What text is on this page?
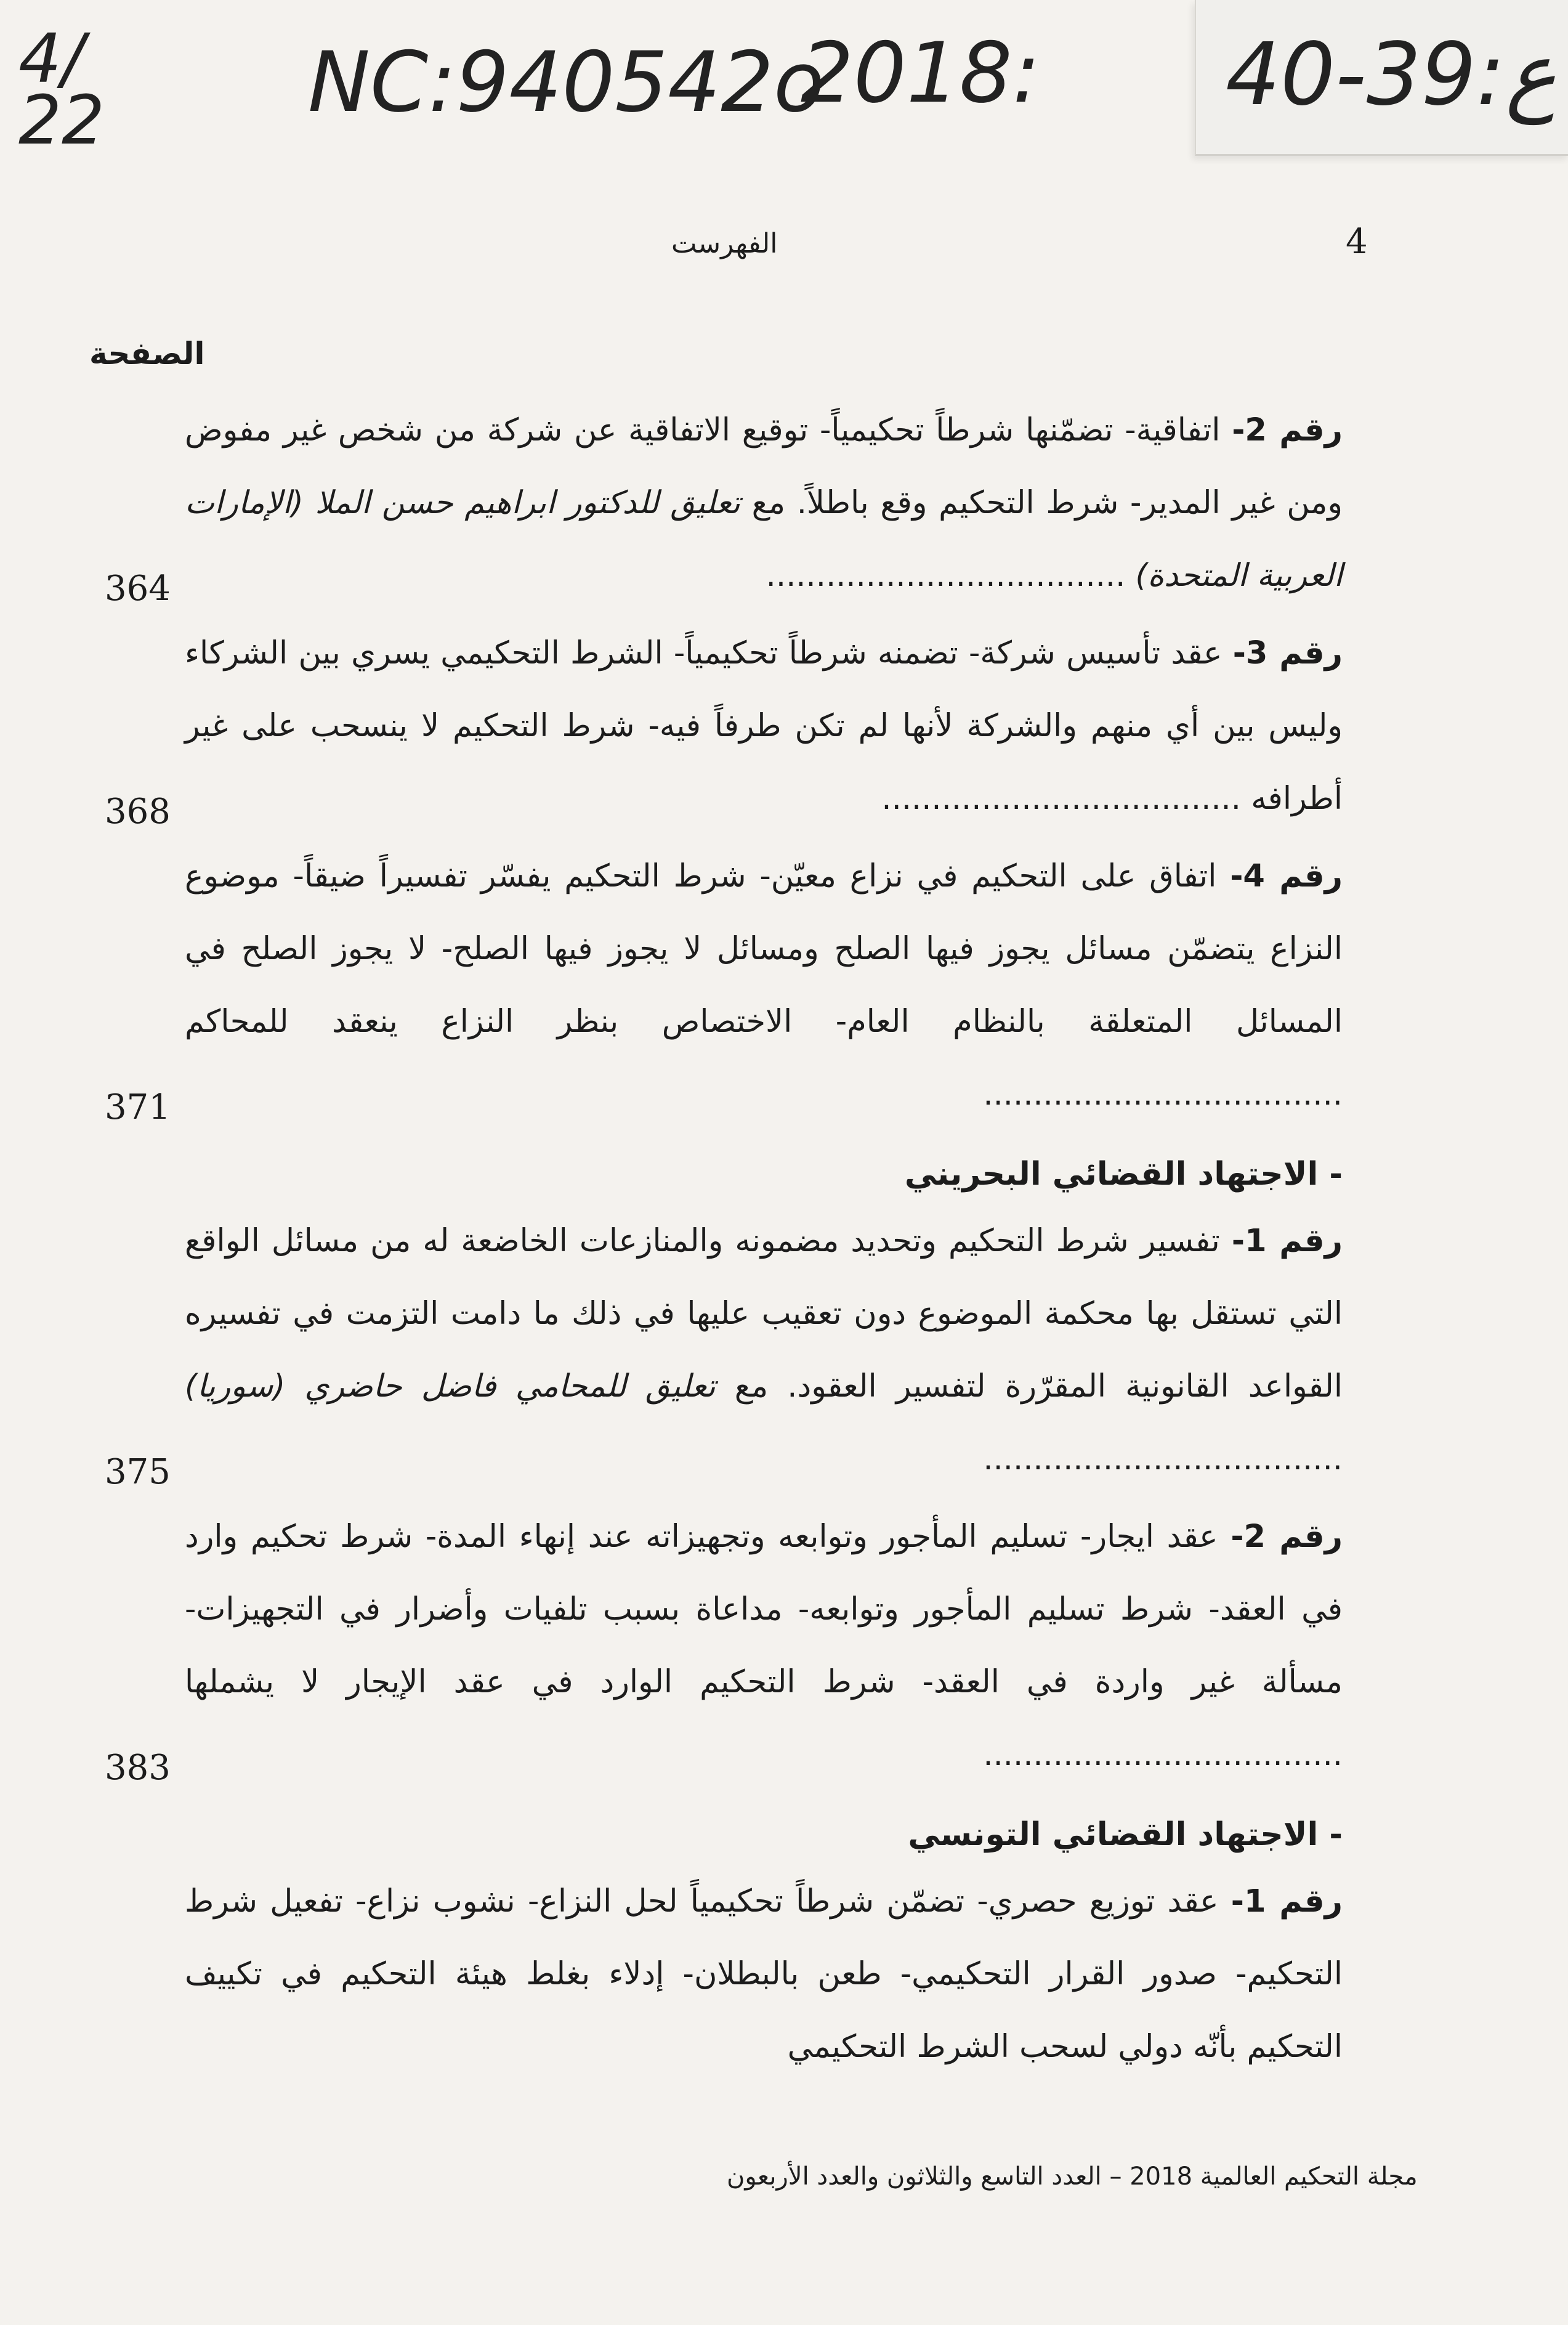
4/
22 NC:940542o
2018: 40-39:ع
4
الفهرست
الصفحة
رقم 2- اتفاقية- تضمّنها شرطاً تحكيمياً- توقيع الاتفاقية عن شركة من شخص غير مفوض ومن غير المدير- شرط التحكيم وقع باطلاً. مع تعليق للدكتور ابراهيم حسن الملا (الإمارات العربية المتحدة) ....................................
364
رقم 3- عقد تأسيس شركة- تضمنه شرطاً تحكيمياً- الشرط التحكيمي يسري بين الشركاء وليس بين أي منهم والشركة لأنها لم تكن طرفاً فيه- شرط التحكيم لا ينسحب على غير أطرافه ....................................
368
رقم 4- اتفاق على التحكيم في نزاع معيّن- شرط التحكيم يفسّر تفسيراً ضيقاً- موضوع النزاع يتضمّن مسائل يجوز فيها الصلح ومسائل لا يجوز فيها الصلح- لا يجوز الصلح في المسائل المتعلقة بالنظام العام- الاختصاص بنظر النزاع ينعقد للمحاكم ....................................
371
- الاجتهاد القضائي البحريني
رقم 1- تفسير شرط التحكيم وتحديد مضمونه والمنازعات الخاضعة له من مسائل الواقع التي تستقل بها محكمة الموضوع دون تعقيب عليها في ذلك ما دامت التزمت في تفسيره القواعد القانونية المقرّرة لتفسير العقود. مع تعليق للمحامي فاضل حاضري (سوريا) ....................................
375
رقم 2- عقد ايجار- تسليم المأجور وتوابعه وتجهيزاته عند إنهاء المدة- شرط تحكيم وارد في العقد- شرط تسليم المأجور وتوابعه- مداعاة بسبب تلفيات وأضرار في التجهيزات- مسألة غير واردة في العقد- شرط التحكيم الوارد في عقد الإيجار لا يشملها ....................................
383
- الاجتهاد القضائي التونسي
رقم 1- عقد توزيع حصري- تضمّن شرطاً تحكيمياً لحل النزاع- نشوب نزاع- تفعيل شرط التحكيم- صدور القرار التحكيمي- طعن بالبطلان- إدلاء بغلط هيئة التحكيم في تكييف التحكيم بأنّه دولي لسحب الشرط التحكيمي
مجلة التحكيم العالمية 2018 – العدد التاسع والثلاثون والعدد الأربعون
